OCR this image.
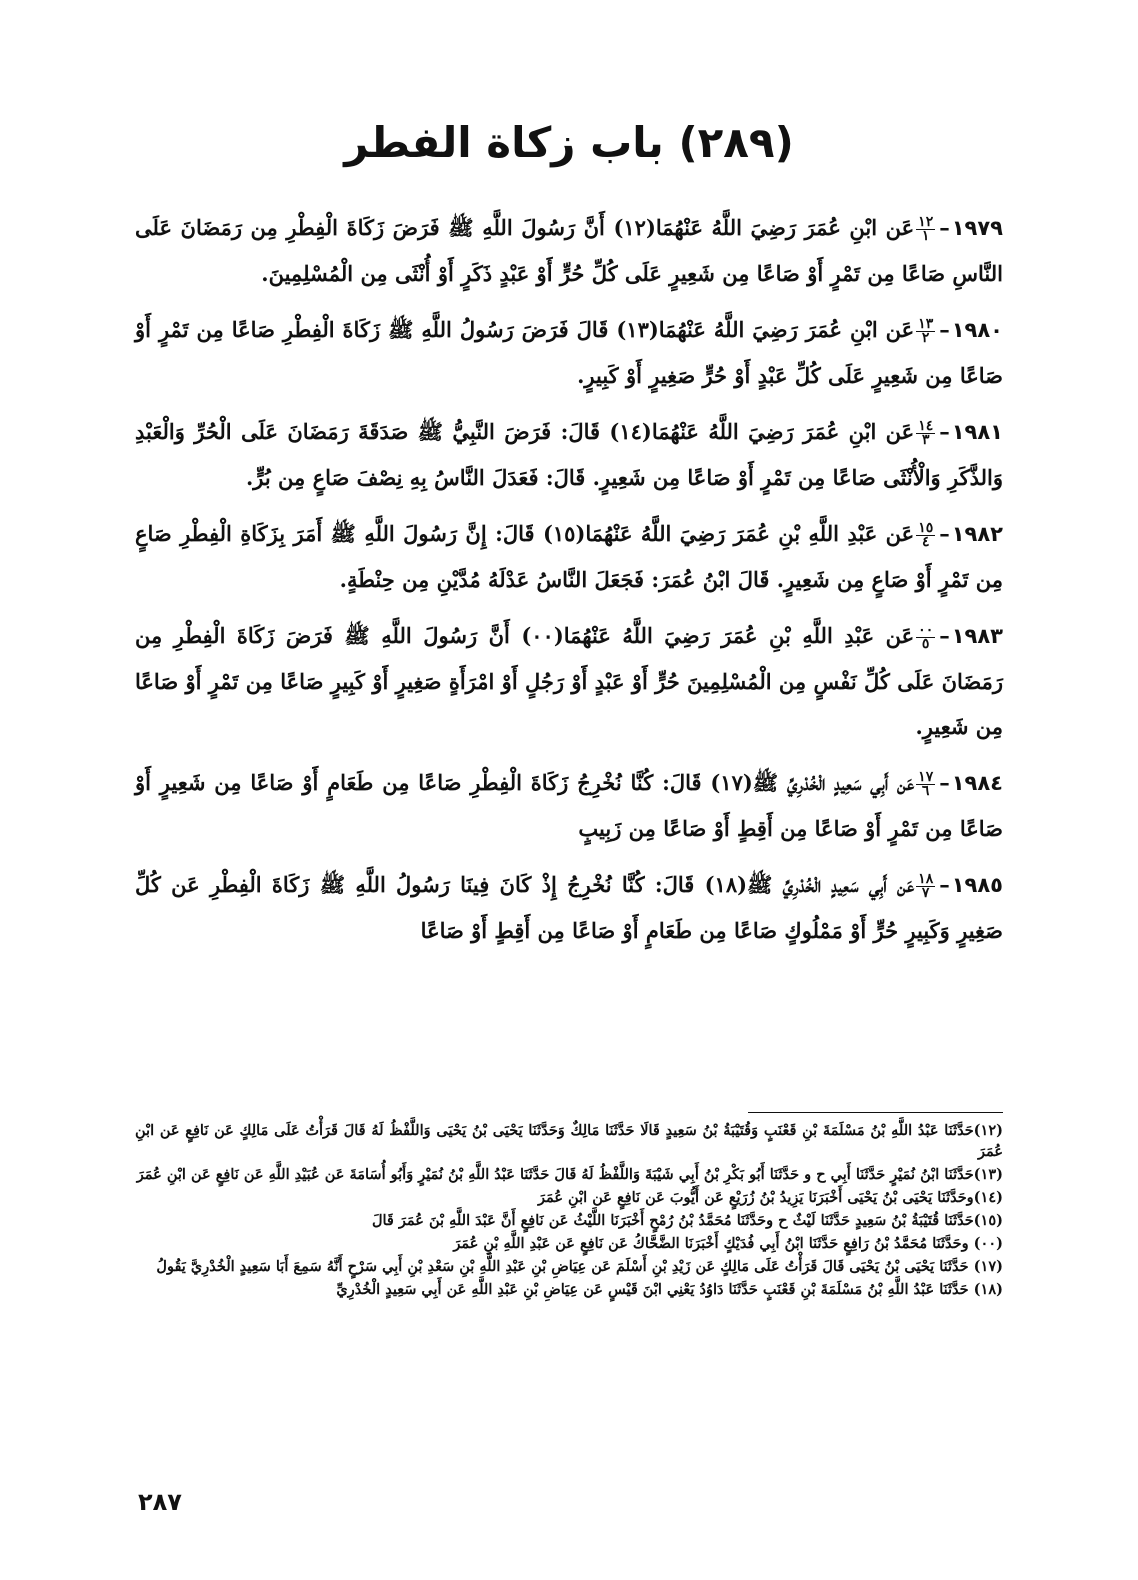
(٢٨٩) باب زكاة الفطر

١٩٧٩–
$\frac{١٢}{١}$
عَن ابْنِ عُمَرَ رَضِيَ اللَّهُ عَنْهُمَا(١٢) أَنَّ رَسُولَ اللَّهِ ﷺ فَرَضَ زَكَاةَ الْفِطْرِ مِن رَمَضَانَ عَلَى النَّاسِ صَاعًا مِن تَمْرٍ أَوْ صَاعًا مِن شَعِيرٍ عَلَى كُلِّ حُرٍّ أَوْ عَبْدٍ ذَكَرٍ أَوْ أُنْثَى مِن الْمُسْلِمِينَ.

١٩٨٠–
$\frac{١٣}{٢}$
عَن ابْنِ عُمَرَ رَضِيَ اللَّهُ عَنْهُمَا(١٣) قَالَ فَرَضَ رَسُولُ اللَّهِ ﷺ زَكَاةَ الْفِطْرِ صَاعًا مِن تَمْرٍ أَوْ صَاعًا مِن شَعِيرٍ عَلَى كُلِّ عَبْدٍ أَوْ حُرٍّ صَغِيرٍ أَوْ كَبِيرٍ.

١٩٨١–
$\frac{١٤}{٣}$
عَن ابْنِ عُمَرَ رَضِيَ اللَّهُ عَنْهُمَا(١٤) قَالَ: فَرَضَ النَّبِيُّ ﷺ صَدَقَةَ رَمَضَانَ عَلَى الْحُرِّ وَالْعَبْدِ وَالذَّكَرِ وَالْأُنْثَى صَاعًا مِن تَمْرٍ أَوْ صَاعًا مِن شَعِيرٍ. قَالَ: فَعَدَلَ النَّاسُ بِهِ نِصْفَ صَاعٍ مِن بُرٍّ.

١٩٨٢–
$\frac{١٥}{٤}$
عَن عَبْدِ اللَّهِ بْنِ عُمَرَ رَضِيَ اللَّهُ عَنْهُمَا(١٥) قَالَ: إِنَّ رَسُولَ اللَّهِ ﷺ أَمَرَ بِزَكَاةِ الْفِطْرِ صَاعٍ مِن تَمْرٍ أَوْ صَاعٍ مِن شَعِيرٍ. قَالَ ابْنُ عُمَرَ: فَجَعَلَ النَّاسُ عَدْلَهُ مُدَّيْنِ مِن حِنْطَةٍ.

١٩٨٣–
$\frac{٠٠}{٥}$
عَن عَبْدِ اللَّهِ بْنِ عُمَرَ رَضِيَ اللَّهُ عَنْهُمَا(٠٠) أَنَّ رَسُولَ اللَّهِ ﷺ فَرَضَ زَكَاةَ الْفِطْرِ مِن رَمَضَانَ عَلَى كُلِّ نَفْسٍ مِن الْمُسْلِمِينَ حُرٍّ أَوْ عَبْدٍ أَوْ رَجُلٍ أَوْ امْرَأَةٍ صَغِيرٍ أَوْ كَبِيرٍ صَاعًا مِن تَمْرٍ أَوْ صَاعًا مِن شَعِيرٍ.

١٩٨٤–
$\frac{١٧}{٦}$
عَن أَبِي سَعِيدٍ الْخُدْرِيِّ ﷺ(١٧) قَالَ: كُنَّا نُخْرِجُ زَكَاةَ الْفِطْرِ صَاعًا مِن طَعَامٍ أَوْ صَاعًا مِن شَعِيرٍ أَوْ صَاعًا مِن تَمْرٍ أَوْ صَاعًا مِن أَقِطٍ أَوْ صَاعًا مِن زَبِيبٍ

١٩٨٥–
$\frac{١٨}{٧}$
عَن أَبِي سَعِيدٍ الْخُدْرِيِّ ﷺ(١٨) قَالَ: كُنَّا نُخْرِجُ إِذْ كَانَ فِينَا رَسُولُ اللَّهِ ﷺ زَكَاةَ الْفِطْرِ عَن كُلِّ صَغِيرٍ وَكَبِيرٍ حُرٍّ أَوْ مَمْلُوكٍ صَاعًا مِن طَعَامٍ أَوْ صَاعًا مِن أَقِطٍ أَوْ صَاعًا

(١٢)حَدَّثَنَا عَبْدُ اللَّهِ بْنُ مَسْلَمَةَ بْنِ قَعْنَبٍ وَقُتَيْبَةُ بْنُ سَعِيدٍ قَالَا حَدَّثَنَا مَالِكٌ وَحَدَّثَنَا يَحْيَى بْنُ يَحْيَى وَاللَّفْظُ لَهُ قَالَ قَرَأْتُ عَلَى مَالِكٍ عَن نَافِعٍ عَن ابْنِ عُمَرَ

(١٣)حَدَّثَنَا ابْنُ نُمَيْرٍ حَدَّثَنَا أَبِي ح و حَدَّثَنَا أَبُو بَكْرِ بْنُ أَبِي شَيْبَةَ وَاللَّفْظُ لَهُ قَالَ حَدَّثَنَا عَبْدُ اللَّهِ بْنُ نُمَيْرٍ وَأَبُو أُسَامَةَ عَن عُبَيْدِ اللَّهِ عَن نَافِعٍ عَن ابْنِ عُمَرَ

(١٤)وحَدَّثَنَا يَحْيَى بْنُ يَحْيَى أَخْبَرَنَا يَزِيدُ بْنُ زُرَيْعٍ عَن أَيُّوبَ عَن نَافِعٍ عَن ابْنِ عُمَرَ

(١٥)حَدَّثَنَا قُتَيْبَةُ بْنُ سَعِيدٍ حَدَّثَنَا لَيْثٌ ح وحَدَّثَنَا مُحَمَّدُ بْنُ رُمْحٍ أَخْبَرَنَا اللَّيْثُ عَن نَافِعٍ أَنَّ عَبْدَ اللَّهِ بْنَ عُمَرَ قَالَ

(٠٠) وحَدَّثَنَا مُحَمَّدُ بْنُ رَافِعٍ حَدَّثَنَا ابْنُ أَبِي فُدَيْكٍ أَخْبَرَنَا الضَّحَّاكُ عَن نَافِعٍ عَن عَبْدِ اللَّهِ بْنِ عُمَرَ

(١٧) حَدَّثَنَا يَحْيَى بْنُ يَحْيَى قَالَ قَرَأْتُ عَلَى مَالِكٍ عَن زَيْدِ بْنِ أَسْلَمَ عَن عِيَاضِ بْنِ عَبْدِ اللَّهِ بْنِ سَعْدِ بْنِ أَبِي سَرْحٍ أَنَّهُ سَمِعَ أَبَا سَعِيدٍ الْخُدْرِيَّ يَقُولُ

(١٨) حَدَّثَنَا عَبْدُ اللَّهِ بْنُ مَسْلَمَةَ بْنِ قَعْنَبٍ حَدَّثَنَا دَاوُدُ يَعْنِي ابْنَ قَيْسٍ عَن عِيَاضِ بْنِ عَبْدِ اللَّهِ عَن أَبِي سَعِيدٍ الْخُدْرِيِّ

٢٨٧
